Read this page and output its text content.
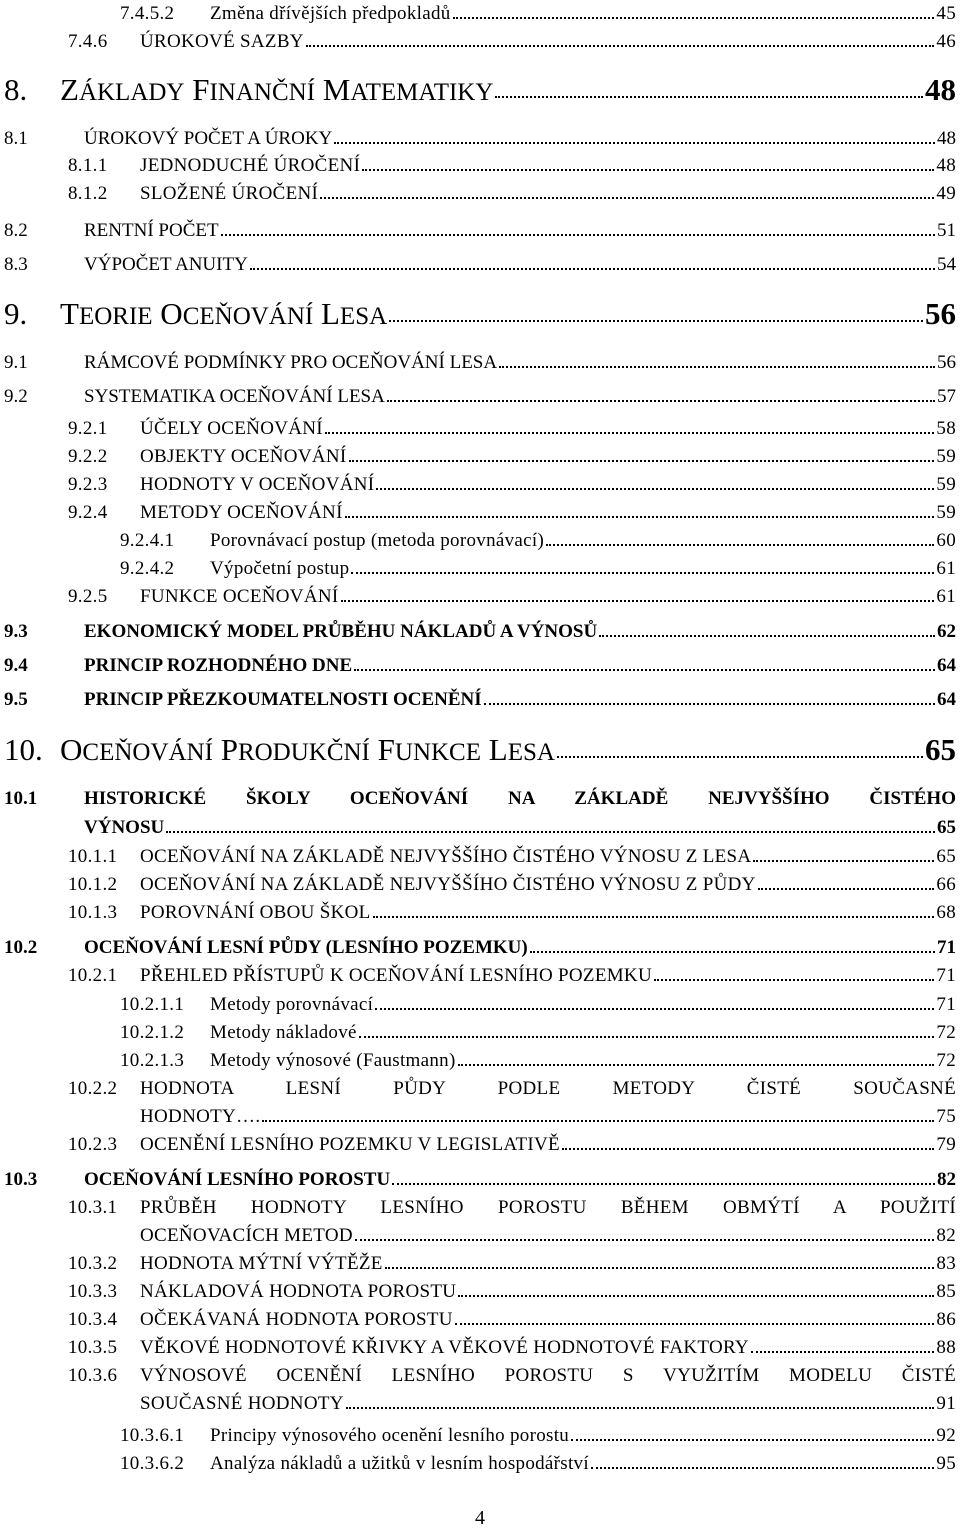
7.4.5.2	Změna dřívějších předpokladů	45
7.4.6	ÚROKOVÉ SAZBY	46
8.	ZÁKLADY FINANČNÍ MATEMATIKY	48
8.1	ÚROKOVÝ POČET A ÚROKY	48
8.1.1	JEDNODUCHÉ ÚROČENÍ	48
8.1.2	SLOŽENÉ ÚROČENÍ	49
8.2	RENTNÍ POČET	51
8.3	VÝPOČET ANUITY	54
9.	TEORIE OCEŇOVÁNÍ LESA	56
9.1	RÁMCOVÉ PODMÍNKY PRO OCEŇOVÁNÍ LESA	56
9.2	SYSTEMATIKA OCEŇOVÁNÍ LESA	57
9.2.1	ÚČELY OCEŇOVÁNÍ	58
9.2.2	OBJEKTY OCEŇOVÁNÍ	59
9.2.3	HODNOTY V OCEŇOVÁNÍ	59
9.2.4	METODY OCEŇOVÁNÍ	59
9.2.4.1	Porovnávací postup (metoda porovnávací)	60
9.2.4.2	Výpočetní postup	61
9.2.5	FUNKCE OCEŇOVÁNÍ	61
9.3	EKONOMICKÝ MODEL PRŮBĚHU NÁKLADŮ A VÝNOSŮ	62
9.4	PRINCIP ROZHODNÉHO DNE	64
9.5	PRINCIP PŘEZKOUMATELNOSTI OCENĚNÍ	64
10. OCEŇOVÁNÍ PRODUKČNÍ FUNKCE LESA	65
10.1	HISTORICKÉ ŠKOLY OCEŇOVÁNÍ NA ZÁKLADĚ NEJVYŠŠÍHO ČISTÉHO
VÝNOSU	65
10.1.1	OCEŇOVÁNÍ NA ZÁKLADĚ NEJVYŠŠÍHO ČISTÉHO VÝNOSU Z LESA	65
10.1.2	OCEŇOVÁNÍ NA ZÁKLADĚ NEJVYŠŠÍHO ČISTÉHO VÝNOSU Z PŮDY	66
10.1.3	POROVNÁNÍ OBOU ŠKOL	68
10.2	OCEŇOVÁNÍ LESNÍ PŮDY (LESNÍHO POZEMKU)	71
10.2.1	PŘEHLED PŘÍSTUPŮ K OCEŇOVÁNÍ LESNÍHO POZEMKU	71
10.2.1.1	Metody porovnávací	71
10.2.1.2	Metody nákladové	72
10.2.1.3	Metody výnosové (Faustmann)	72
10.2.2	HODNOTA LESNÍ PŮDY PODLE METODY ČISTÉ SOUČASNÉ
HODNOTY….	75
10.2.3	OCENĚNÍ LESNÍHO POZEMKU V LEGISLATIVĚ	79
10.3	OCEŇOVÁNÍ LESNÍHO POROSTU	82
10.3.1	PRŮBĚH HODNOTY LESNÍHO POROSTU BĚHEM OBMÝTÍ A POUŽITÍ
OCEŇOVACÍCH METOD	82
10.3.2	HODNOTA MÝTNÍ VÝTĚŽE	83
10.3.3	NÁKLADOVÁ HODNOTA POROSTU	85
10.3.4	OČEKÁVANÁ HODNOTA POROSTU	86
10.3.5	VĚKOVÉ HODNOTOVÉ KŘIVKY A VĚKOVÉ HODNOTOVÉ FAKTORY	88
10.3.6	VÝNOSOVÉ OCENĚNÍ LESNÍHO POROSTU S VYUŽITÍM MODELU ČISTÉ
SOUČASNÉ HODNOTY	91
10.3.6.1	Principy výnosového ocenění lesního porostu	92
10.3.6.2	Analýza nákladů a užitků v lesním hospodářství	95
4
